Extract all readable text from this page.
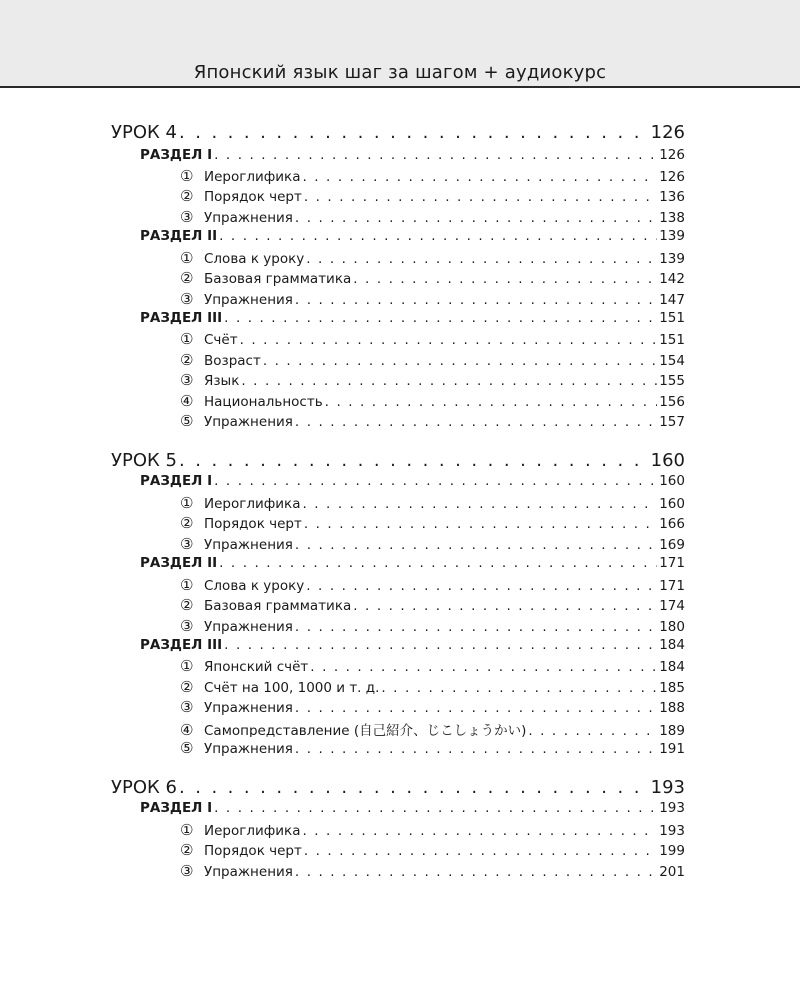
Японский язык шаг за шагом + аудиокурс
УРОК 4 . . .	126
РАЗДЕЛ I . . .	126
① Иероглифика . . .	126
② Порядок черт . . .	136
③ Упражнения . . .	138
РАЗДЕЛ II . . .	139
① Слова к уроку . . .	139
② Базовая грамматика . . .	142
③ Упражнения . . .	147
РАЗДЕЛ III . . .	151
① Счёт . . .	151
② Возраст . . .	154
③ Язык . . .	155
④ Национальность . . .	156
⑤ Упражнения . . .	157
УРОК 5 . . .	160
РАЗДЕЛ I . . .	160
① Иероглифика . . .	160
② Порядок черт . . .	166
③ Упражнения . . .	169
РАЗДЕЛ II . . .	171
① Слова к уроку . . .	171
② Базовая грамматика . . .	174
③ Упражнения . . .	180
РАЗДЕЛ III . . .	184
① Японский счёт . . .	184
② Счёт на 100, 1000 и т. д. . . .	185
③ Упражнения . . .	188
④ Самопредставление (自己紹介、じこしょうかい) . . .	189
⑤ Упражнения . . .	191
УРОК 6 . . .	193
РАЗДЕЛ I . . .	193
① Иероглифика . . .	193
② Порядок черт . . .	199
③ Упражнения . . .	201
